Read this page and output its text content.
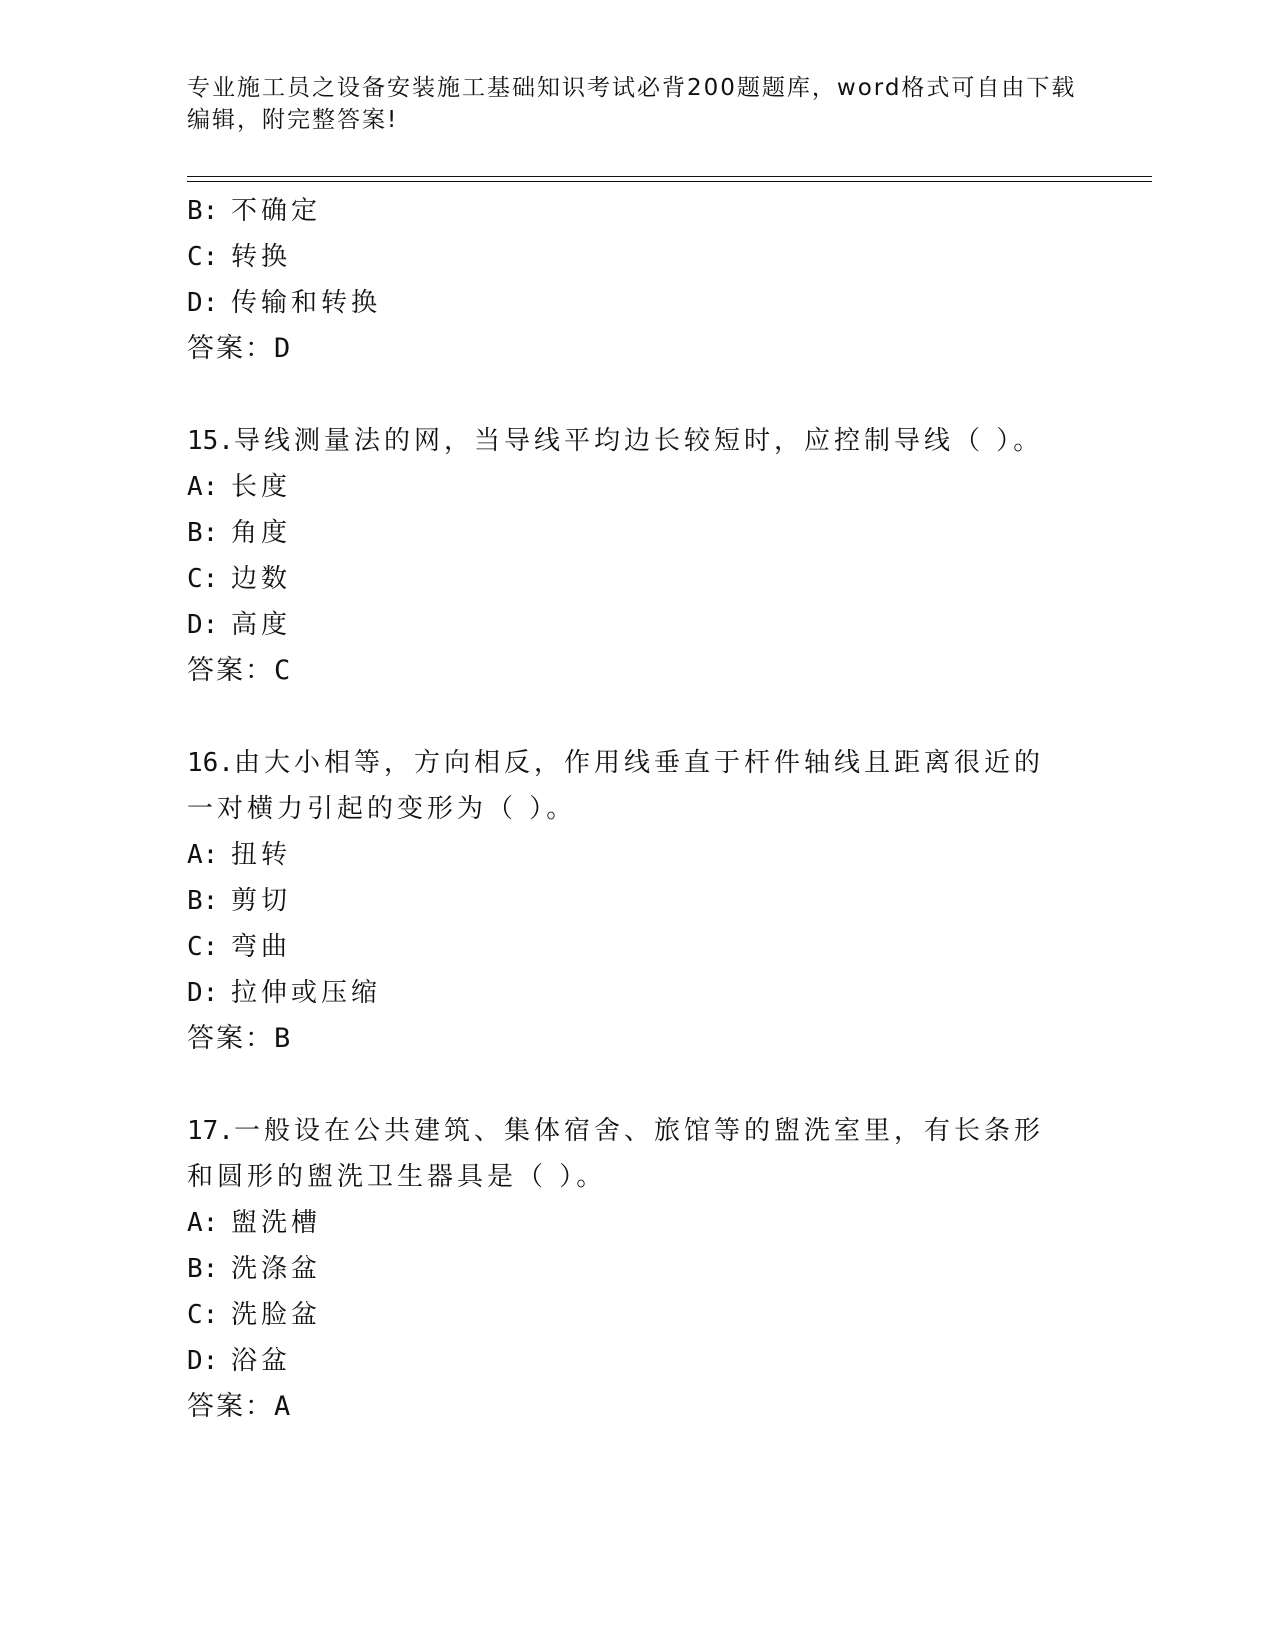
专业施工员之设备安装施工基础知识考试必背200题题库，word格式可自由下载编辑，附完整答案!
B: 不确定
C: 转换
D: 传输和转换
答案：D
15.导线测量法的网，当导线平均边长较短时，应控制导线（ ）。
A: 长度
B: 角度
C: 边数
D: 高度
答案：C
16.由大小相等，方向相反，作用线垂直于杆件轴线且距离很近的一对横力引起的变形为（ ）。
A: 扭转
B: 剪切
C: 弯曲
D: 拉伸或压缩
答案：B
17.一般设在公共建筑、集体宿舍、旅馆等的盥洗室里，有长条形和圆形的盥洗卫生器具是（ ）。
A: 盥洗槽
B: 洗涤盆
C: 洗脸盆
D: 浴盆
答案：A
